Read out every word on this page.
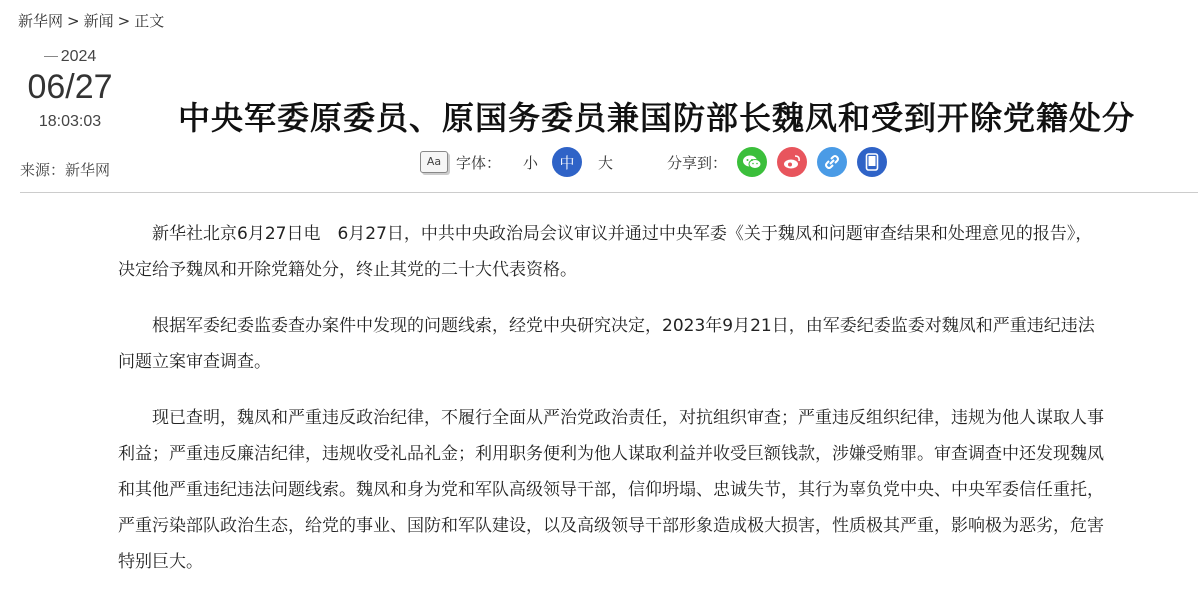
新华网 > 新闻 > 正文
2024
06/27
18:03:03
来源：新华网
中央军委原委员、原国务委员兼国防部长魏凤和受到开除党籍处分
Aa 字体： 小	中	大	分享到：

新华社北京6月27日电　6月27日，中共中央政治局会议审议并通过中央军委《关于魏凤和问题审查结果和处理意见的报告》，决定给予魏凤和开除党籍处分，终止其党的二十大代表资格。

根据军委纪委监委查办案件中发现的问题线索，经党中央研究决定，2023年9月21日，由军委纪委监委对魏凤和严重违纪违法问题立案审查调查。

现已查明，魏凤和严重违反政治纪律，不履行全面从严治党政治责任，对抗组织审查；严重违反组织纪律，违规为他人谋取人事利益；严重违反廉洁纪律，违规收受礼品礼金；利用职务便利为他人谋取利益并收受巨额钱款，涉嫌受贿罪。审查调查中还发现魏凤和其他严重违纪违法问题线索。魏凤和身为党和军队高级领导干部，信仰坍塌、忠诚失节，其行为辜负党中央、中央军委信任重托，严重污染部队政治生态，给党的事业、国防和军队建设，以及高级领导干部形象造成极大损害，性质极其严重，影响极为恶劣，危害特别巨大。
